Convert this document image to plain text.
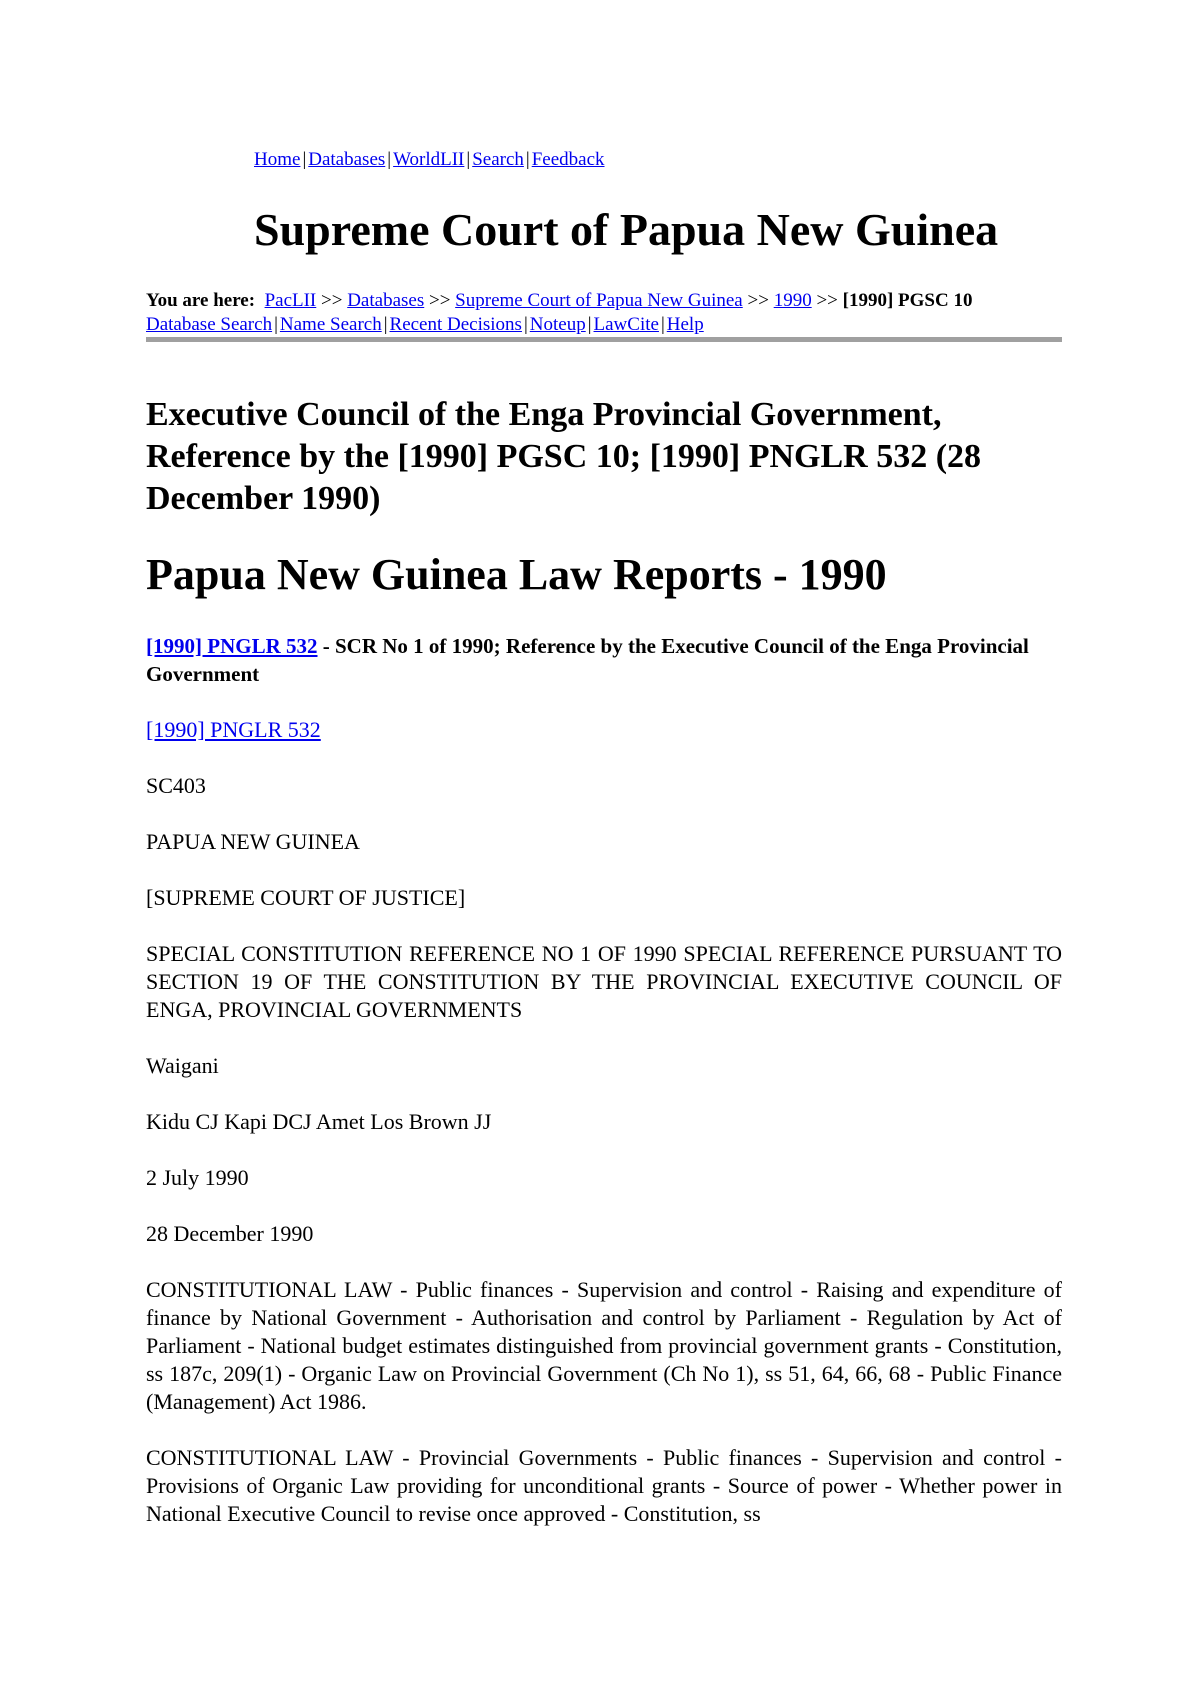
Home | Databases | WorldLII | Search | Feedback
Supreme Court of Papua New Guinea
You are here: PacLII >> Databases >> Supreme Court of Papua New Guinea >> 1990 >> [1990] PGSC 10
Database Search | Name Search | Recent Decisions | Noteup | LawCite | Help
Executive Council of the Enga Provincial Government, Reference by the [1990] PGSC 10; [1990] PNGLR 532 (28 December 1990)
Papua New Guinea Law Reports - 1990
[1990] PNGLR 532 - SCR No 1 of 1990; Reference by the Executive Council of the Enga Provincial Government

[1990] PNGLR 532

SC403

PAPUA NEW GUINEA

[SUPREME COURT OF JUSTICE]

SPECIAL CONSTITUTION REFERENCE NO 1 OF 1990 SPECIAL REFERENCE PURSUANT TO SECTION 19 OF THE CONSTITUTION BY THE PROVINCIAL EXECUTIVE COUNCIL OF ENGA, PROVINCIAL GOVERNMENTS

Waigani

Kidu CJ Kapi DCJ Amet Los Brown JJ

2 July 1990

28 December 1990

CONSTITUTIONAL LAW - Public finances - Supervision and control - Raising and expenditure of finance by National Government - Authorisation and control by Parliament - Regulation by Act of Parliament - National budget estimates distinguished from provincial government grants - Constitution, ss 187c, 209(1) - Organic Law on Provincial Government (Ch No 1), ss 51, 64, 66, 68 - Public Finance (Management) Act 1986.

CONSTITUTIONAL LAW - Provincial Governments - Public finances - Supervision and control - Provisions of Organic Law providing for unconditional grants - Source of power - Whether power in National Executive Council to revise once approved - Constitution, ss
